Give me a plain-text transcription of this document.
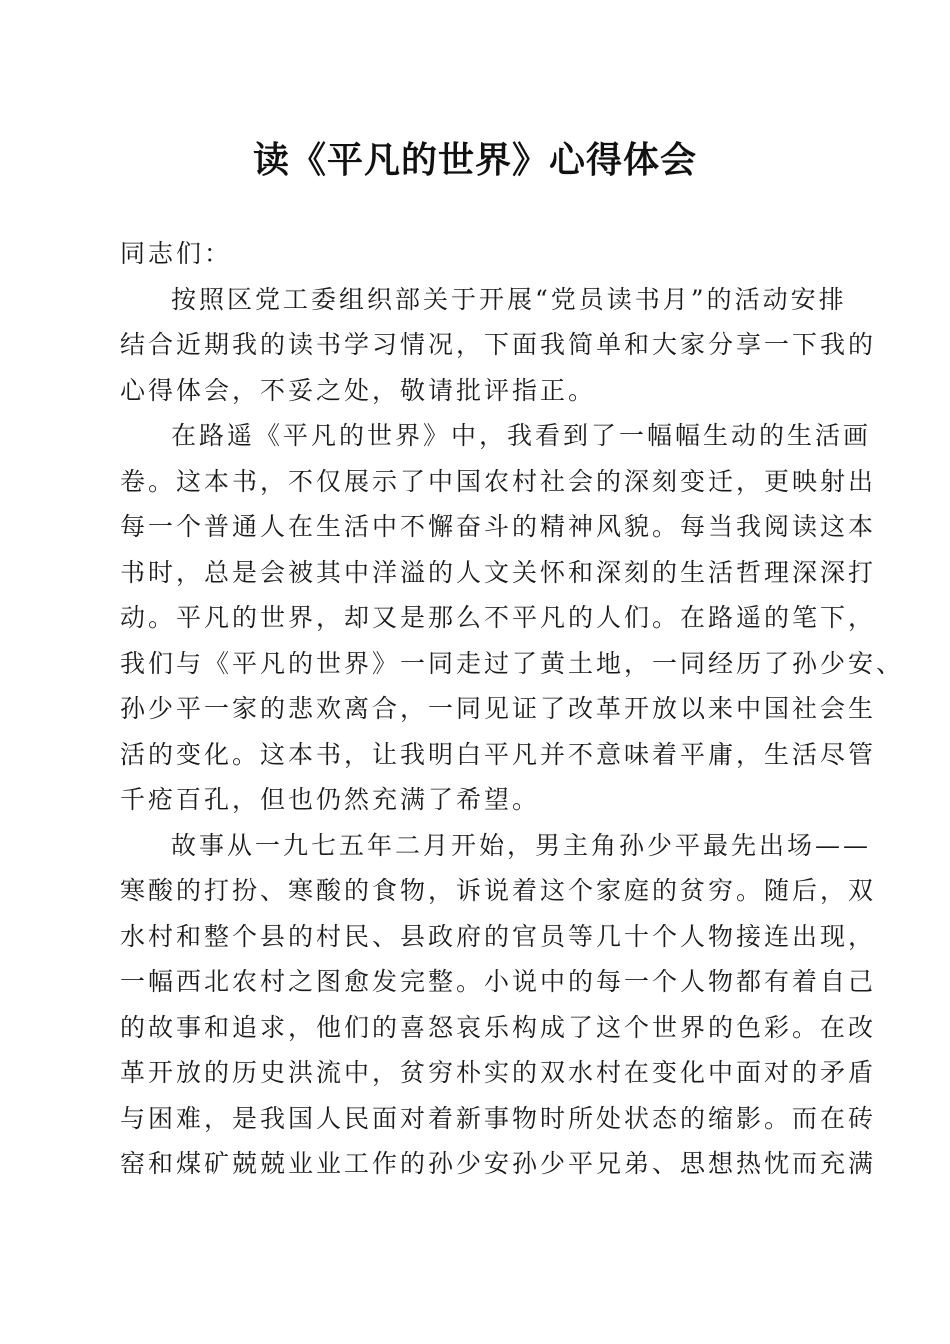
读《平凡的世界》心得体会
同志们：
按照区党工委组织部关于开展“党员读书月”的活动安排
结合近期我的读书学习情况，下面我简单和大家分享一下我的
心得体会，不妥之处，敬请批评指正。
在路遥《平凡的世界》中，我看到了一幅幅生动的生活画
卷。这本书，不仅展示了中国农村社会的深刻变迁，更映射出
每一个普通人在生活中不懈奋斗的精神风貌。每当我阅读这本
书时，总是会被其中洋溢的人文关怀和深刻的生活哲理深深打
动。平凡的世界，却又是那么不平凡的人们。在路遥的笔下，
我们与《平凡的世界》一同走过了黄土地，一同经历了孙少安、
孙少平一家的悲欢离合，一同见证了改革开放以来中国社会生
活的变化。这本书，让我明白平凡并不意味着平庸，生活尽管
千疮百孔，但也仍然充满了希望。
故事从一九七五年二月开始，男主角孙少平最先出场——
寒酸的打扮、寒酸的食物，诉说着这个家庭的贫穷。随后，双
水村和整个县的村民、县政府的官员等几十个人物接连出现，
一幅西北农村之图愈发完整。小说中的每一个人物都有着自己
的故事和追求，他们的喜怒哀乐构成了这个世界的色彩。在改
革开放的历史洪流中，贫穷朴实的双水村在变化中面对的矛盾
与困难，是我国人民面对着新事物时所处状态的缩影。而在砖
窑和煤矿兢兢业业工作的孙少安孙少平兄弟、思想热忱而充满
